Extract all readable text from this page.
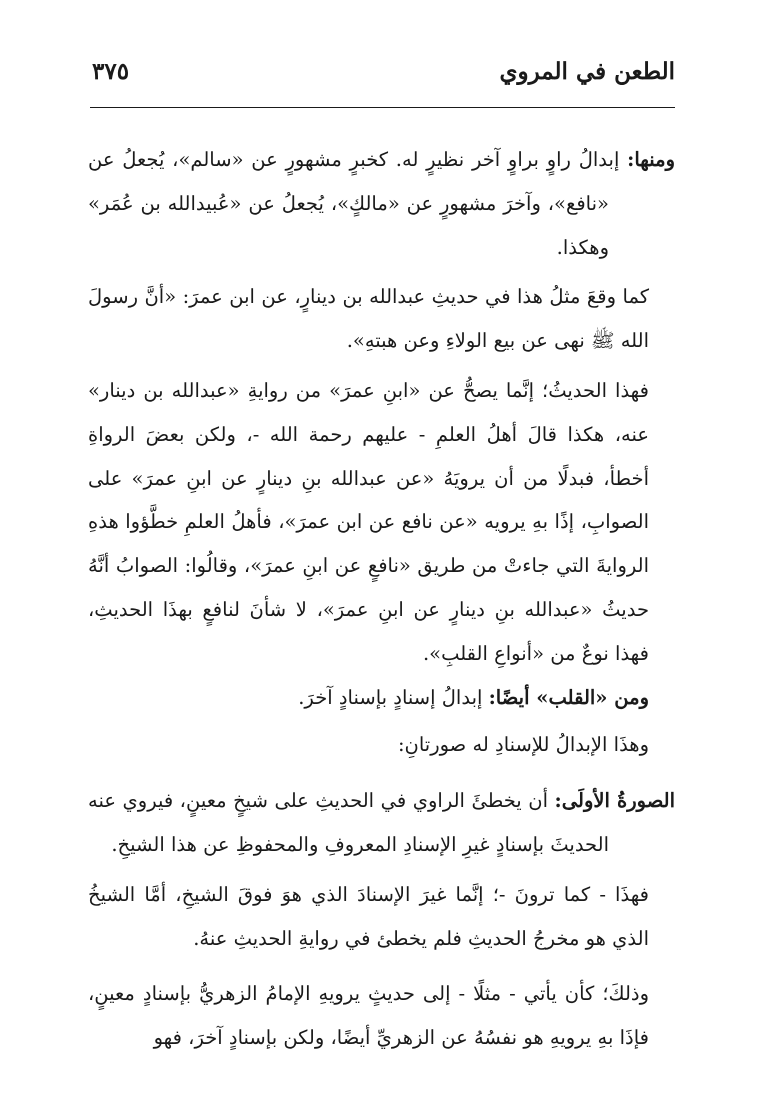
الطعن في المروي
٣٧٥

ومنها: إبدالُ راوٍ براوٍ آخر نظيرٍ له. كخبرٍ مشهورٍ عن «سالم»، يُجعلُ عن «نافع»، وآخرَ مشهورٍ عن «مالكٍ»، يُجعلُ عن «عُبيدالله بن عُمَر» وهكذا.

كما وقعَ مثلُ هذا في حديثِ عبدالله بن دينارٍ، عن ابن عمرَ: «أنَّ رسولَ الله ﷺ نهى عن بيع الولاءِ وعن هبتهِ».

فهذا الحديثُ؛ إنَّما يصحُّ عن «ابنِ عمرَ» من روايةِ «عبدالله بن دينار» عنه، هكذا قالَ أهلُ العلمِ - عليهم رحمة الله -، ولكن بعضَ الرواةِ أخطأ، فبدلًا من أن يرويَهُ «عن عبدالله بنِ دينارٍ عن ابنِ عمرَ» على الصوابِ، إذًا بهِ يرويه «عن نافع عن ابن عمرَ»، فأهلُ العلمِ خطَّؤوا هذهِ الروايةَ التي جاءتْ من طريق «نافعٍ عن ابنِ عمرَ»، وقالُوا: الصوابُ أنَّهُ حديثُ «عبدالله بنِ دينارٍ عن ابنِ عمرَ»، لا شأنَ لنافعٍ بهذَا الحديثِ، فهذا نوعٌ من «أنواعِ القلبِ».

ومن «القلب» أيضًا: إبدالُ إسنادٍ بإسنادٍ آخرَ.

وهذَا الإبدالُ للإسنادِ له صورتانِ:

الصورةُ الأولَى: أن يخطئَ الراوي في الحديثِ على شيخٍ معينٍ، فيروي عنه الحديثَ بإسنادٍ غيرِ الإسنادِ المعروفِ والمحفوظِ عن هذا الشيخِ.

فهذَا - كما ترونَ -؛ إنَّما غيرَ الإسنادَ الذي هوَ فوقَ الشيخِ، أمَّا الشيخُ الذي هو مخرجُ الحديثِ فلم يخطئ في روايةِ الحديثِ عنهُ.

وذلكَ؛ كأن يأتي - مثلًا - إلى حديثٍ يرويهِ الإمامُ الزهريُّ بإسنادٍ معينٍ، فإذَا بهِ يرويهِ هو نفسُهُ عن الزهريِّ أيضًا، ولكن بإسنادٍ آخرَ، فهو
